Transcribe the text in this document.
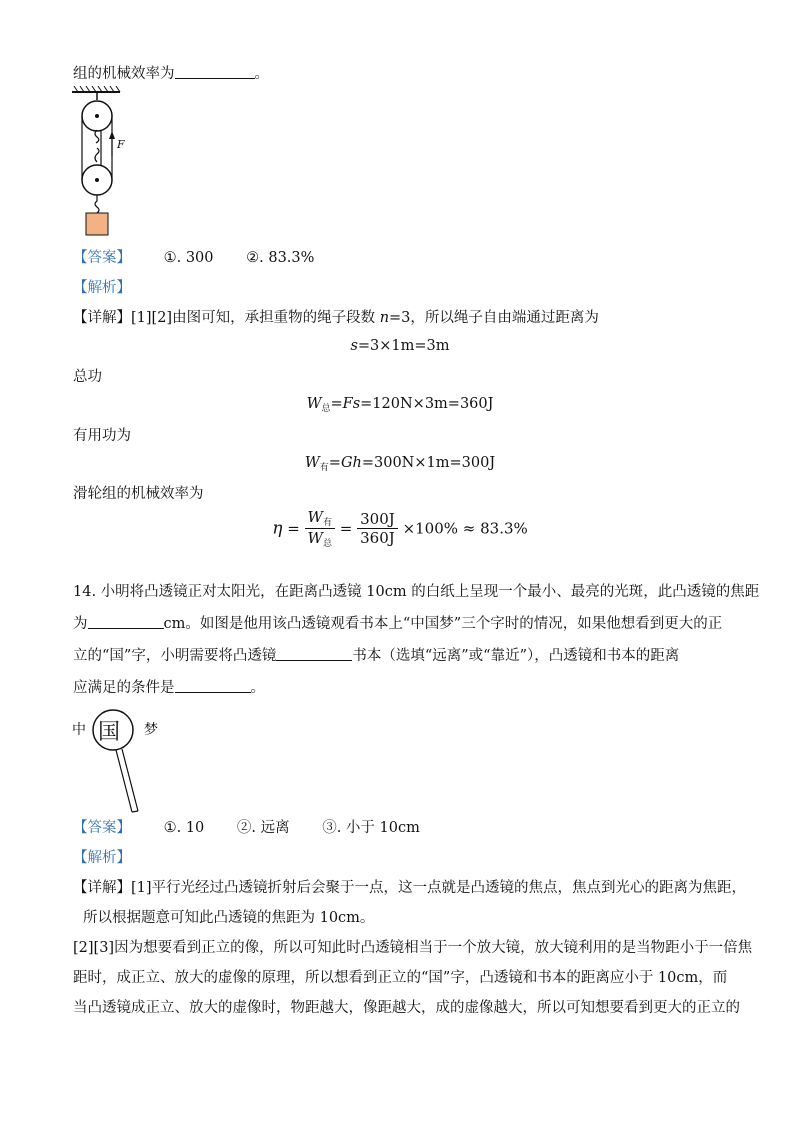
组的机械效率为	。
F
【答案】 ①. 300 ②. 83.3%
【解析】
【详解】[1][2]由图可知，承担重物的绳子段数 n=3，所以绳子自由端通过距离为
s=3×1m=3m
总功
$W_总=Fs=120N\times 3m=360J$
有用功为
$W_有=Gh=300N\times 1m=300J$
滑轮组的机械效率为
$\eta = \frac{W_有}{W_总} = \frac{300J}{360J} \times 100\% \approx 83.3\%$
14. 小明将凸透镜正对太阳光，在距离凸透镜 10cm 的白纸上呈现一个最小、最亮的光斑，此凸透镜的焦距
为	cm。如图是他用该凸透镜观看书本上“中国梦”三个字时的情况，如果他想看到更大的正
立的“国”字，小明需要将凸透镜	书本（选填“远离”或“靠近”），凸透镜和书本的距离
应满足的条件是	。
中 国 梦
【答案】 ①. 10 ②. 远离 ③. 小于 10cm
【解析】
【详解】[1]平行光经过凸透镜折射后会聚于一点，这一点就是凸透镜的焦点，焦点到光心的距离为焦距，
所以根据题意可知此凸透镜的焦距为 10cm。
[2][3]因为想要看到正立的像，所以可知此时凸透镜相当于一个放大镜，放大镜利用的是当物距小于一倍焦
距时，成正立、放大的虚像的原理，所以想看到正立的“国”字，凸透镜和书本的距离应小于 10cm，而
当凸透镜成正立、放大的虚像时，物距越大，像距越大，成的虚像越大，所以可知想要看到更大的正立的
